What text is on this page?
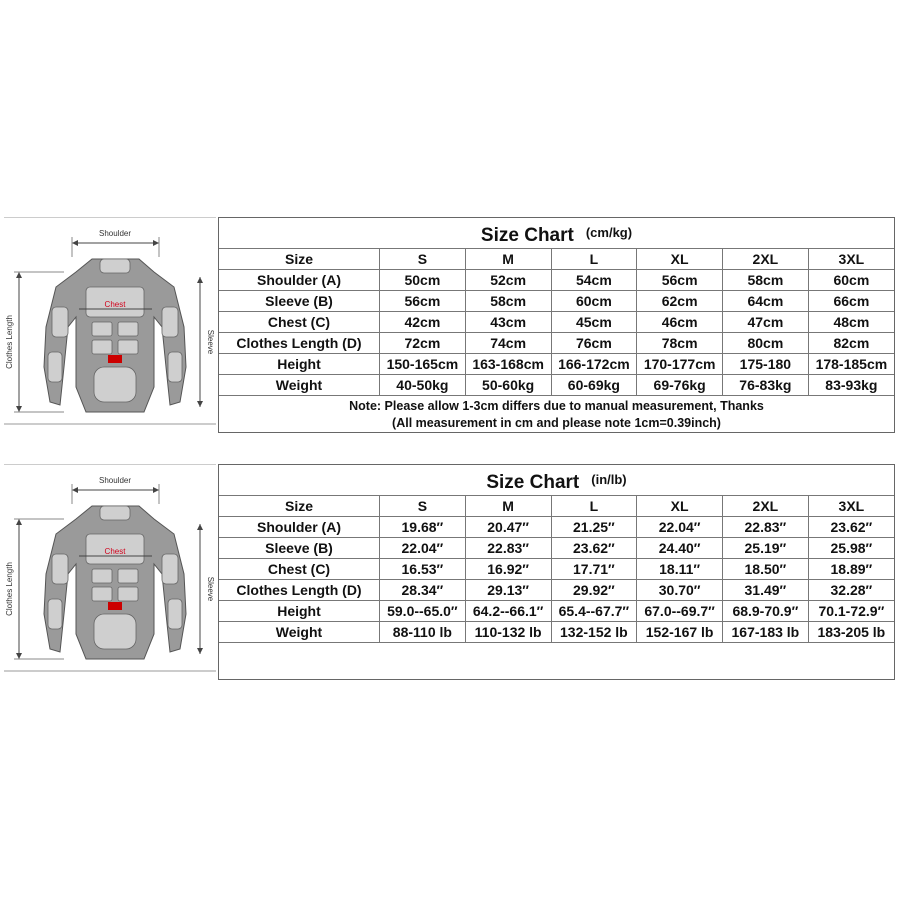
Shoulder
Clothes Length	Sleeve
Chest
Size Chart (cm/kg)
Size	S	M	L	XL	2XL	3XL
Shoulder (A)	50cm	52cm	54cm	56cm	58cm	60cm
Sleeve (B)	56cm	58cm	60cm	62cm	64cm	66cm
Chest (C)	42cm	43cm	45cm	46cm	47cm	48cm
Clothes Length (D)	72cm	74cm	76cm	78cm	80cm	82cm
Height	150-165cm	163-168cm	166-172cm	170-177cm	175-180	178-185cm
Weight	40-50kg	50-60kg	60-69kg	69-76kg	76-83kg	83-93kg
Note: Please allow 1-3cm differs due to manual measurement, Thanks
(All measurement in cm and please note 1cm=0.39inch)
Shoulder
Clothes Length	Sleeve
Chest
Size Chart (in/lb)
Size	S	M	L	XL	2XL	3XL
Shoulder (A)	19.68″	20.47″	21.25″	22.04″	22.83″	23.62″
Sleeve (B)	22.04″	22.83″	23.62″	24.40″	25.19″	25.98″
Chest (C)	16.53″	16.92″	17.71″	18.11″	18.50″	18.89″
Clothes Length (D)	28.34″	29.13″	29.92″	30.70″	31.49″	32.28″
Height	59.0--65.0″	64.2--66.1″	65.4--67.7″	67.0--69.7″	68.9-70.9″	70.1-72.9″
Weight	88-110 lb	110-132 lb	132-152 lb	152-167 lb	167-183 lb	183-205 lb
